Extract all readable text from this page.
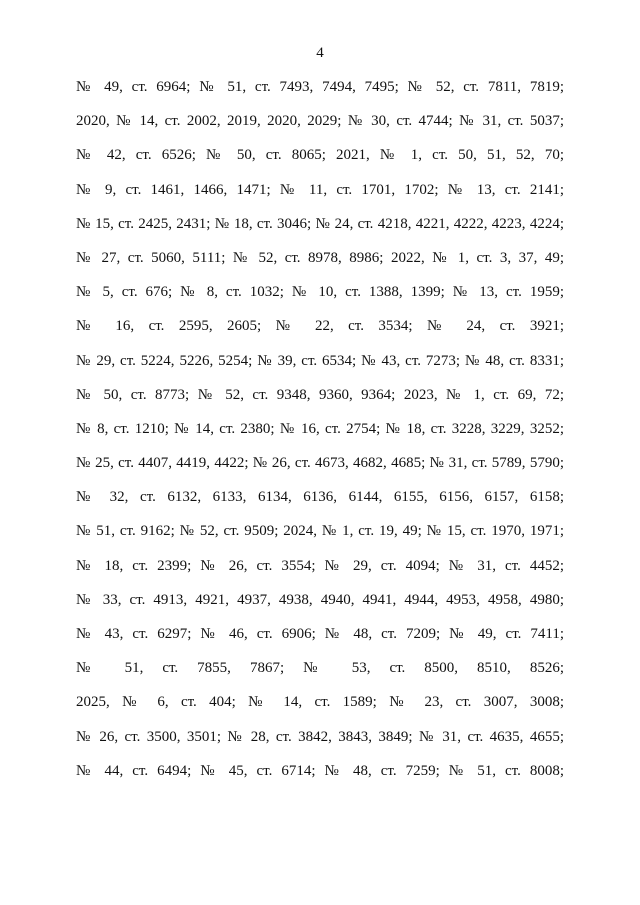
4
№ 49, ст. 6964; № 51, ст. 7493, 7494, 7495; № 52, ст. 7811, 7819;
2020, № 14, ст. 2002, 2019, 2020, 2029; № 30, ст. 4744; № 31, ст. 5037;
№ 42, ст. 6526; № 50, ст. 8065; 2021, № 1, ст. 50, 51, 52, 70;
№ 9, ст. 1461, 1466, 1471; № 11, ст. 1701, 1702; № 13, ст. 2141;
№ 15, ст. 2425, 2431; № 18, ст. 3046; № 24, ст. 4218, 4221, 4222, 4223, 4224;
№ 27, ст. 5060, 5111; № 52, ст. 8978, 8986; 2022, № 1, ст. 3, 37, 49;
№ 5, ст. 676; № 8, ст. 1032; № 10, ст. 1388, 1399; № 13, ст. 1959;
№ 16, ст. 2595, 2605; № 22, ст. 3534; № 24, ст. 3921;
№ 29, ст. 5224, 5226, 5254; № 39, ст. 6534; № 43, ст. 7273; № 48, ст. 8331;
№ 50, ст. 8773; № 52, ст. 9348, 9360, 9364; 2023, № 1, ст. 69, 72;
№ 8, ст. 1210; № 14, ст. 2380; № 16, ст. 2754; № 18, ст. 3228, 3229, 3252;
№ 25, ст. 4407, 4419, 4422; № 26, ст. 4673, 4682, 4685; № 31, ст. 5789, 5790;
№ 32, ст. 6132, 6133, 6134, 6136, 6144, 6155, 6156, 6157, 6158;
№ 51, ст. 9162; № 52, ст. 9509; 2024, № 1, ст. 19, 49; № 15, ст. 1970, 1971;
№ 18, ст. 2399; № 26, ст. 3554; № 29, ст. 4094; № 31, ст. 4452;
№ 33, ст. 4913, 4921, 4937, 4938, 4940, 4941, 4944, 4953, 4958, 4980;
№ 43, ст. 6297; № 46, ст. 6906; № 48, ст. 7209; № 49, ст. 7411;
№ 51, ст. 7855, 7867; № 53, ст. 8500, 8510, 8526;
2025, № 6, ст. 404; № 14, ст. 1589; № 23, ст. 3007, 3008;
№ 26, ст. 3500, 3501; № 28, ст. 3842, 3843, 3849; № 31, ст. 4635, 4655;
№ 44, ст. 6494; № 45, ст. 6714; № 48, ст. 7259; № 51, ст. 8008;
